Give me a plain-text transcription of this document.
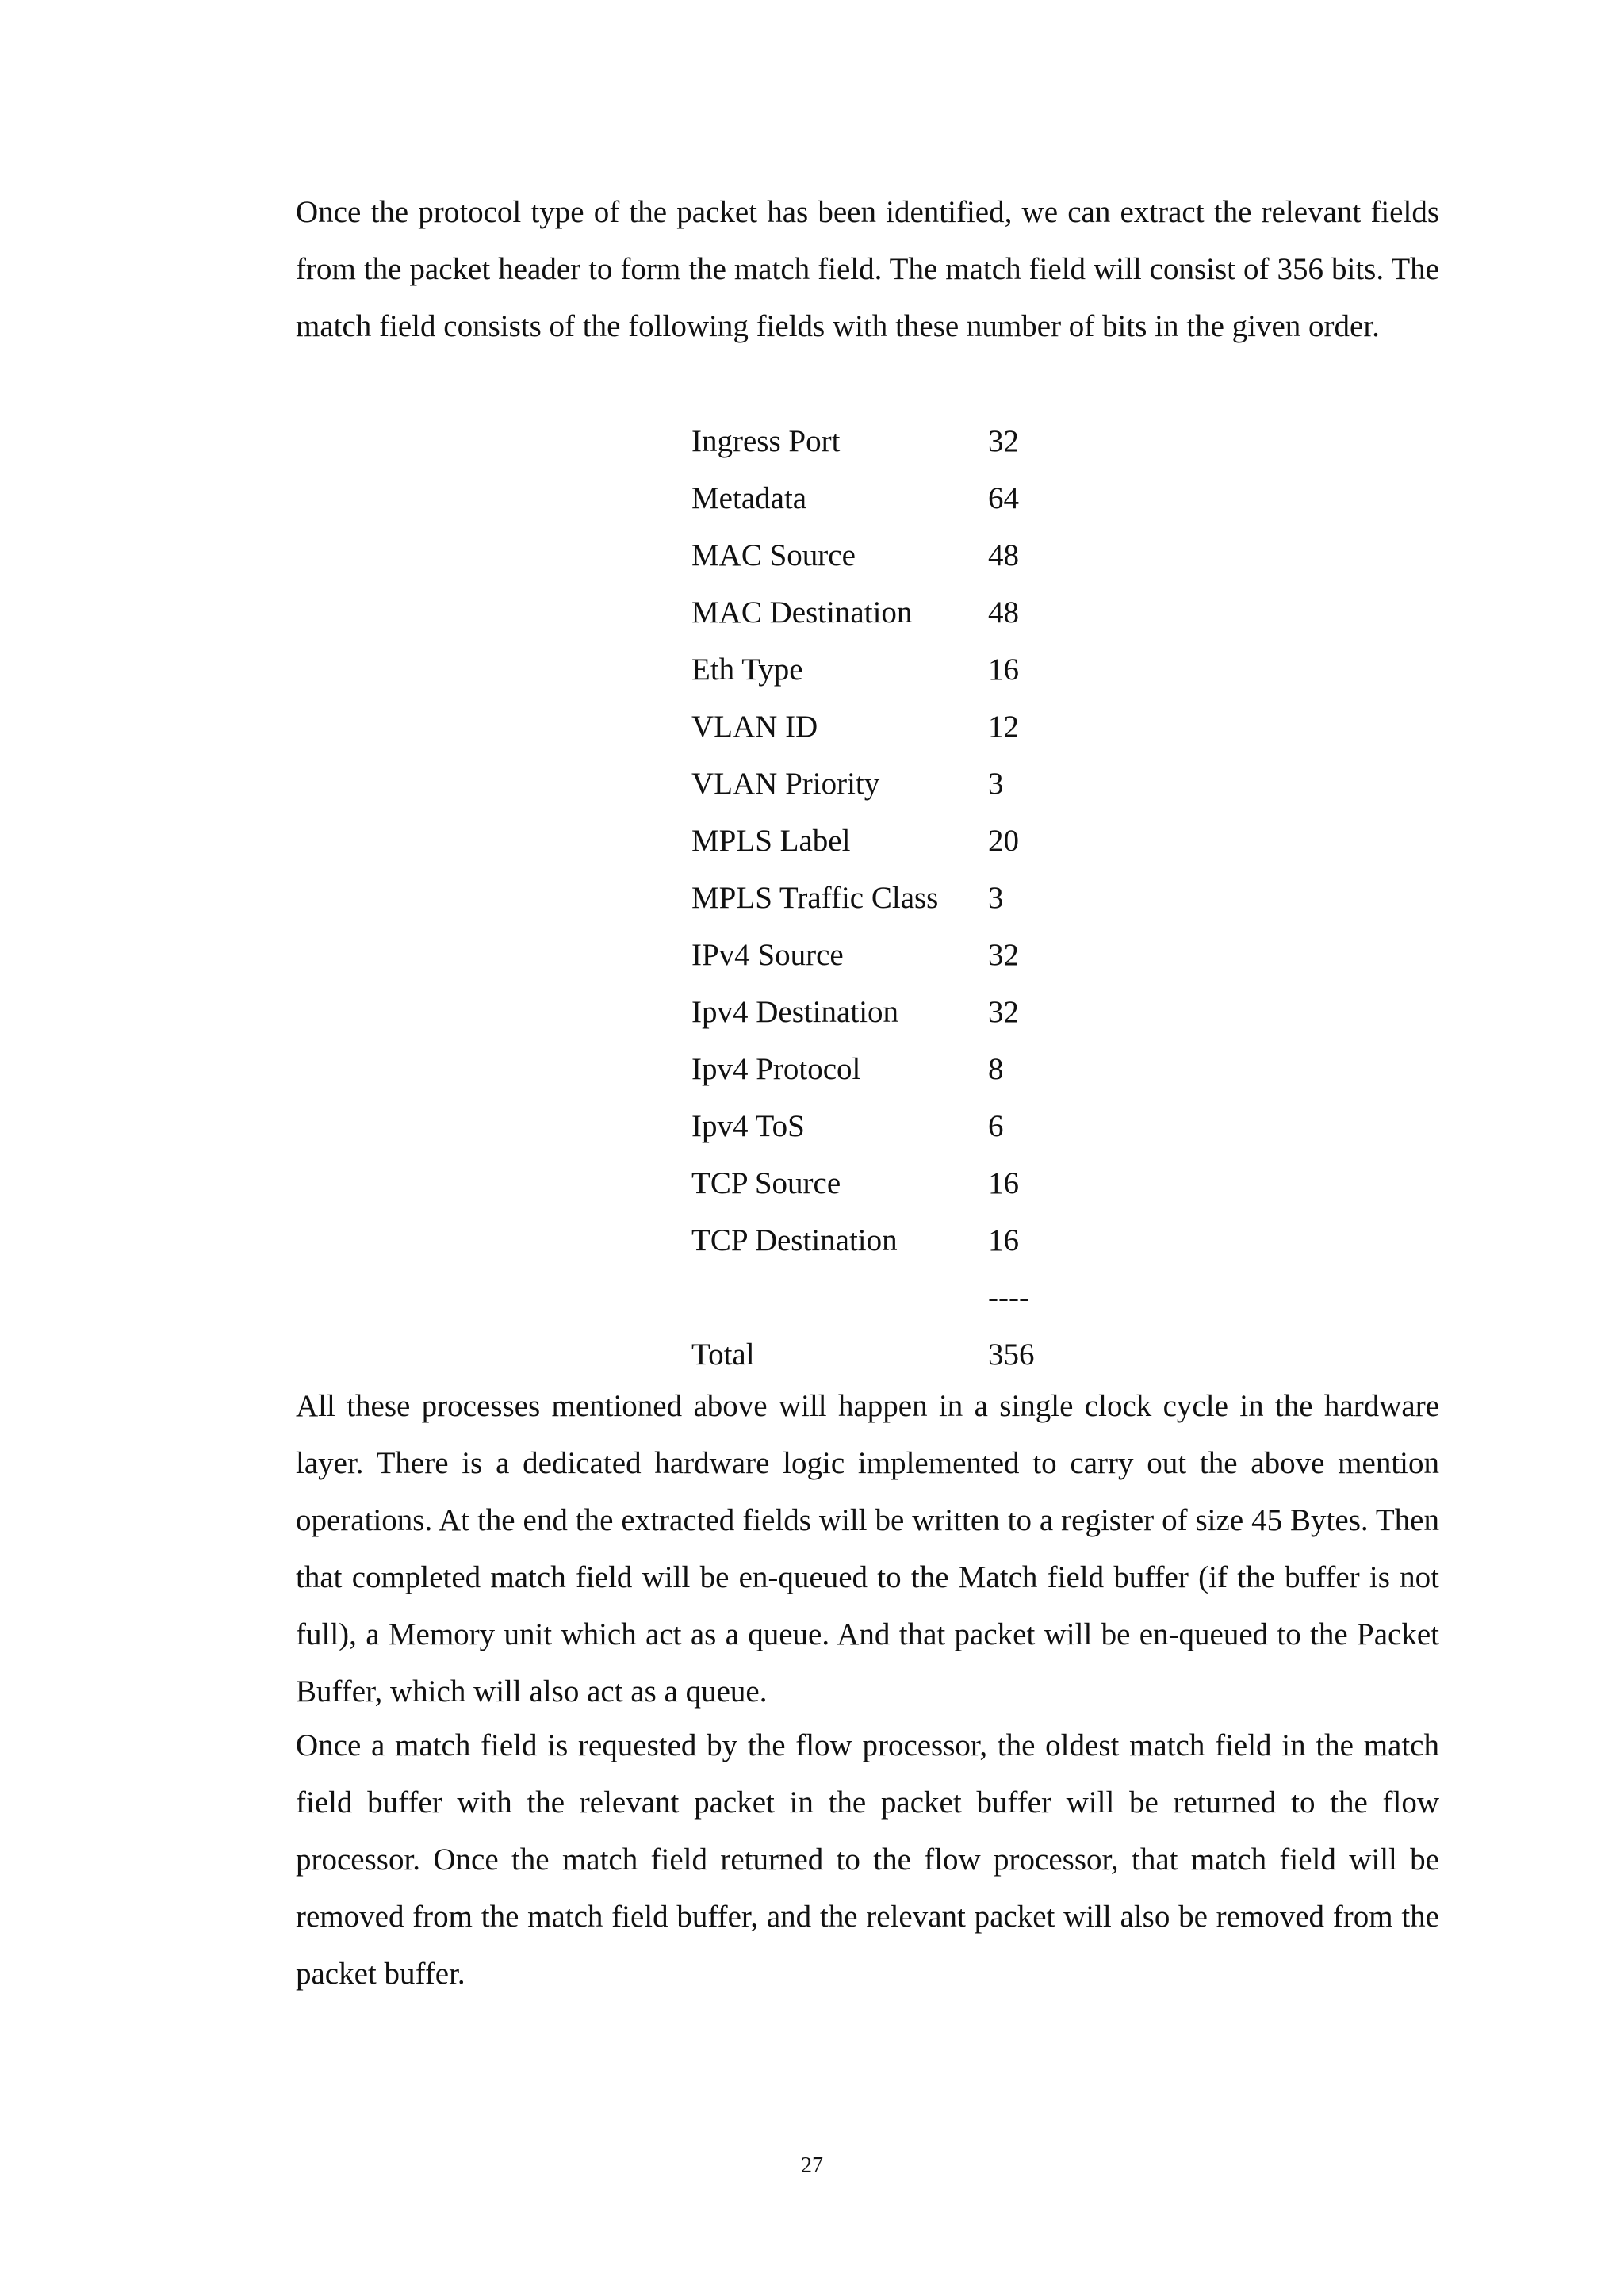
Once the protocol type of the packet has been identified, we can extract the relevant fields from the packet header to form the match field. The match field will consist of 356 bits. The match field consists of the following fields with these number of bits in the given order.

Ingress Port	32
Metadata	64
MAC Source	48
MAC Destination	48
Eth Type	16
VLAN ID	12
VLAN Priority	3
MPLS Label	20
MPLS Traffic Class	3
IPv4 Source	32
Ipv4 Destination	32
Ipv4 Protocol	8
Ipv4 ToS	6
TCP Source	16
TCP Destination	16
	----
Total	356

All these processes mentioned above will happen in a single clock cycle in the hardware layer. There is a dedicated hardware logic implemented to carry out the above mention operations. At the end the extracted fields will be written to a register of size 45 Bytes. Then that completed match field will be en-queued to the Match field buffer (if the buffer is not full), a Memory unit which act as a queue. And that packet will be en-queued to the Packet Buffer, which will also act as a queue.

Once a match field is requested by the flow processor, the oldest match field in the match field buffer with the relevant packet in the packet buffer will be returned to the flow processor. Once the match field returned to the flow processor, that match field will be removed from the match field buffer, and the relevant packet will also be removed from the packet buffer.

27
